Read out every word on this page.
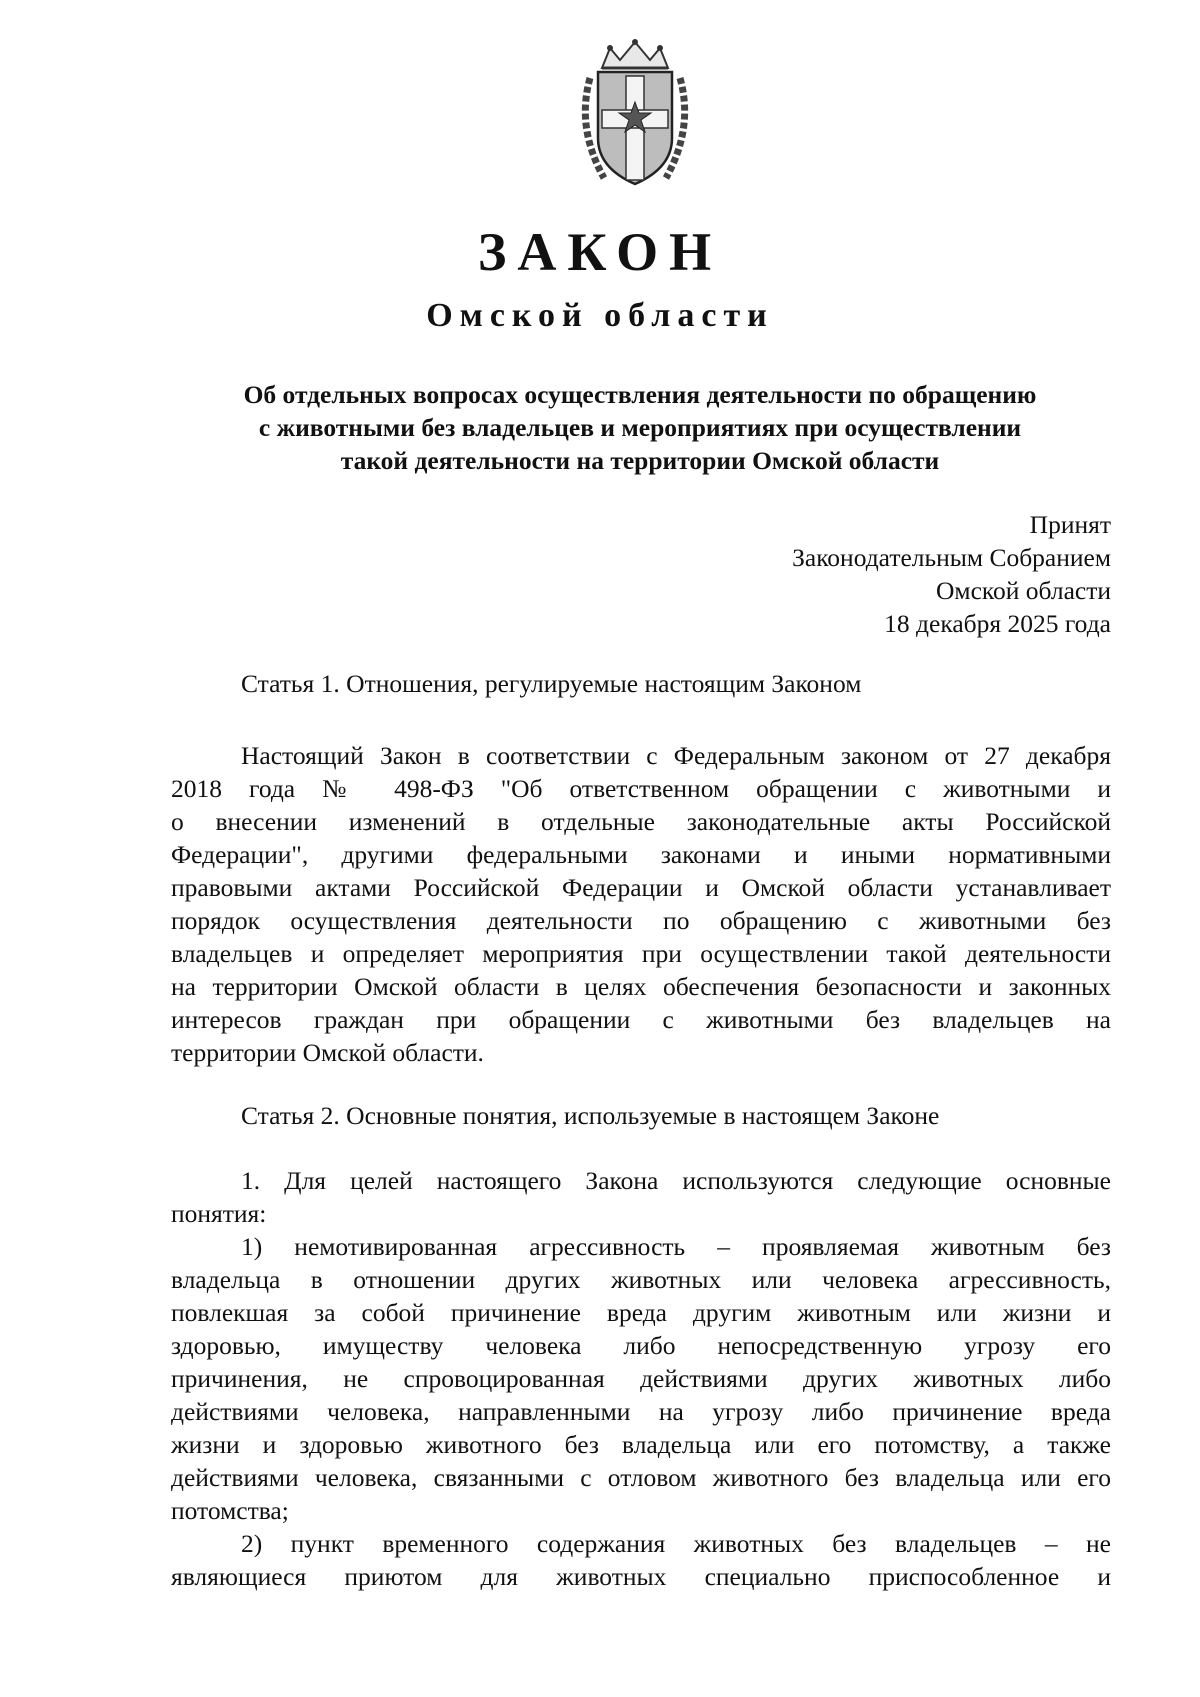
ЗАКОН
Омской области
Об отдельных вопросах осуществления деятельности по обращению
с животными без владельцев и мероприятиях при осуществлении
такой деятельности на территории Омской области
Принят
Законодательным Собранием
Омской области
18 декабря 2025 года
Статья 1. Отношения, регулируемые настоящим Законом
Настоящий Закон в соответствии с Федеральным законом от 27 декабря
2018 года № 498-ФЗ "Об ответственном обращении с животными и
о внесении изменений в отдельные законодательные акты Российской
Федерации", другими федеральными законами и иными нормативными
правовыми актами Российской Федерации и Омской области устанавливает
порядок осуществления деятельности по обращению с животными без
владельцев и определяет мероприятия при осуществлении такой деятельности
на территории Омской области в целях обеспечения безопасности и законных
интересов граждан при обращении с животными без владельцев на
территории Омской области.
Статья 2. Основные понятия, используемые в настоящем Законе
1. Для целей настоящего Закона используются следующие основные
понятия:
1) немотивированная агрессивность – проявляемая животным без
владельца в отношении других животных или человека агрессивность,
повлекшая за собой причинение вреда другим животным или жизни и
здоровью, имуществу человека либо непосредственную угрозу его
причинения, не спровоцированная действиями других животных либо
действиями человека, направленными на угрозу либо причинение вреда
жизни и здоровью животного без владельца или его потомству, а также
действиями человека, связанными с отловом животного без владельца или его
потомства;
2) пункт временного содержания животных без владельцев – не
являющиеся приютом для животных специально приспособленное и
